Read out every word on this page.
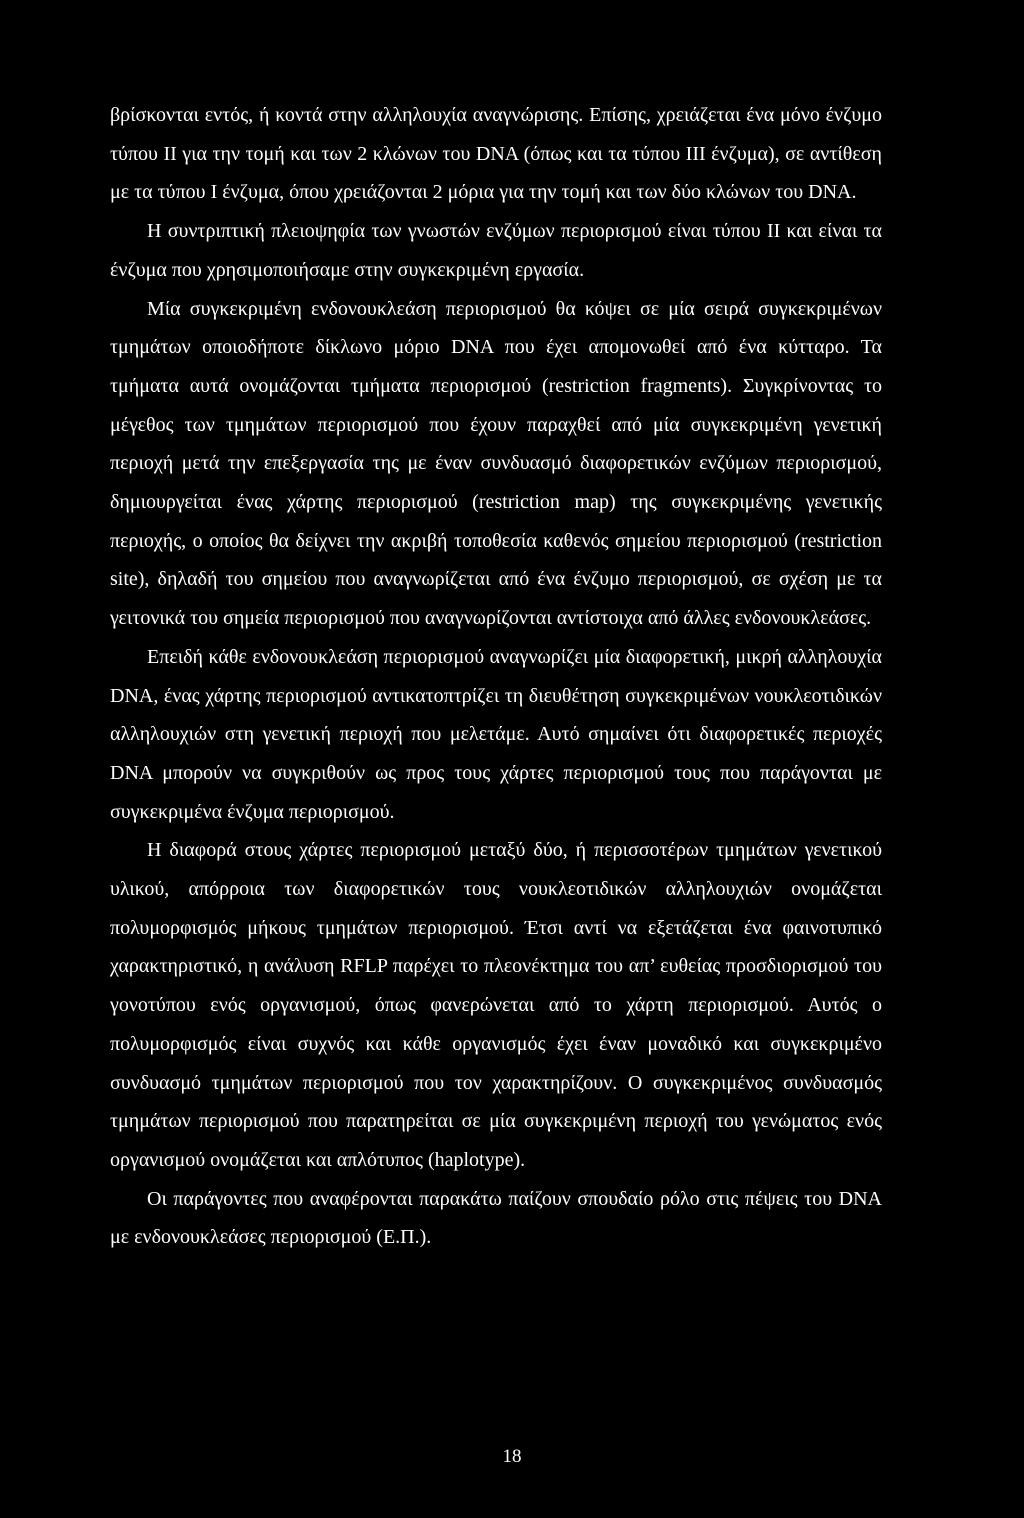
βρίσκονται εντός, ή κοντά στην αλληλουχία αναγνώρισης. Επίσης, χρειάζεται ένα μόνο ένζυμο τύπου II για την τομή και των 2 κλώνων του DNA (όπως και τα τύπου III ένζυμα), σε αντίθεση με τα τύπου I ένζυμα, όπου χρειάζονται 2 μόρια για την τομή και των δύο κλώνων του DNA.

Η συντριπτική πλειοψηφία των γνωστών ενζύμων περιορισμού είναι τύπου II και είναι τα ένζυμα που χρησιμοποιήσαμε στην συγκεκριμένη εργασία.

Μία συγκεκριμένη ενδονουκλεάση περιορισμού θα κόψει σε μία σειρά συγκεκριμένων τμημάτων οποιοδήποτε δίκλωνο μόριο DNA που έχει απομονωθεί από ένα κύτταρο. Τα τμήματα αυτά ονομάζονται τμήματα περιορισμού (restriction fragments). Συγκρίνοντας το μέγεθος των τμημάτων περιορισμού που έχουν παραχθεί από μία συγκεκριμένη γενετική περιοχή μετά την επεξεργασία της με έναν συνδυασμό διαφορετικών ενζύμων περιορισμού, δημιουργείται ένας χάρτης περιορισμού (restriction map) της συγκεκριμένης γενετικής περιοχής, ο οποίος θα δείχνει την ακριβή τοποθεσία καθενός σημείου περιορισμού (restriction site), δηλαδή του σημείου που αναγνωρίζεται από ένα ένζυμο περιορισμού, σε σχέση με τα γειτονικά του σημεία περιορισμού που αναγνωρίζονται αντίστοιχα από άλλες ενδονουκλεάσες.

Επειδή κάθε ενδονουκλεάση περιορισμού αναγνωρίζει μία διαφορετική, μικρή αλληλουχία DNA, ένας χάρτης περιορισμού αντικατοπτρίζει τη διευθέτηση συγκεκριμένων νουκλεοτιδικών αλληλουχιών στη γενετική περιοχή που μελετάμε. Αυτό σημαίνει ότι διαφορετικές περιοχές DNA μπορούν να συγκριθούν ως προς τους χάρτες περιορισμού τους που παράγονται με συγκεκριμένα ένζυμα περιορισμού.

Η διαφορά στους χάρτες περιορισμού μεταξύ δύο, ή περισσοτέρων τμημάτων γενετικού υλικού, απόρροια των διαφορετικών τους νουκλεοτιδικών αλληλουχιών ονομάζεται πολυμορφισμός μήκους τμημάτων περιορισμού. Έτσι αντί να εξετάζεται ένα φαινοτυπικό χαρακτηριστικό, η ανάλυση RFLP παρέχει το πλεονέκτημα του απ’ ευθείας προσδιορισμού του γονοτύπου ενός οργανισμού, όπως φανερώνεται από το χάρτη περιορισμού. Αυτός ο πολυμορφισμός είναι συχνός και κάθε οργανισμός έχει έναν μοναδικό και συγκεκριμένο συνδυασμό τμημάτων περιορισμού που τον χαρακτηρίζουν. Ο συγκεκριμένος συνδυασμός τμημάτων περιορισμού που παρατηρείται σε μία συγκεκριμένη περιοχή του γενώματος ενός οργανισμού ονομάζεται και απλότυπος (haplotype).

Οι παράγοντες που αναφέρονται παρακάτω παίζουν σπουδαίο ρόλο στις πέψεις του DNA με ενδονουκλεάσες περιορισμού (Ε.Π.).

18
